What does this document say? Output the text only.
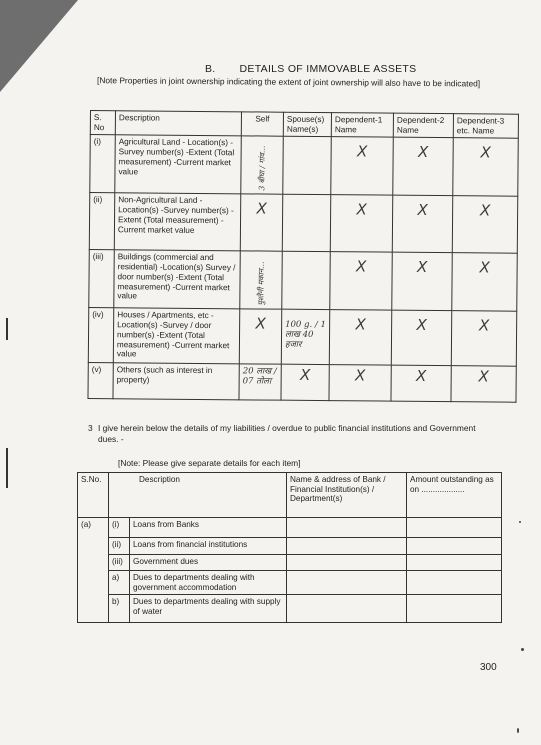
B. DETAILS OF IMMOVABLE ASSETS
[Note Properties in joint ownership indicating the extent of joint ownership will also have to be indicated]
S. No	Description	Self	Spouse(s) Name(s)	Dependent-1 Name	Dependent-2 Name	Dependent-3 etc. Name
(i)	Agricultural Land - Location(s) -Survey number(s) -Extent (Total measurement) -Current market value	3 बीघा / गांव…		X	X	X

(ii)	Non-Agricultural Land - Location(s) -Survey number(s) -Extent (Total measurement) -Current market value	X		X	X	X

(iii)	Buildings (commercial and residential) -Location(s) Survey / door number(s) -Extent (Total measurement) -Current market value	पुश्तैनी मकान…		X	X	X

(iv)	Houses / Apartments, etc -Location(s) -Survey / door number(s) -Extent (Total measurement) -Current market value	X	100 g. / 1 लाख 40 हजार	X	X	X

(v)	Others (such as interest in property)	20 लाख / 07 तोला	X	X	X	X
3 I give herein below the details of my liabilities / overdue to public financial institutions and Government dues. -
[Note: Please give separate details for each item]
S.No.	Description		Name & address of Bank / Financial Institution(s) / Department(s)	Amount outstanding as on ...................
(a)	(i)	Loans from Banks		
	(ii)	Loans from financial institutions		
	(iii)	Government dues		
	a)	Dues to departments dealing with government accommodation		
	b)	Dues to departments dealing with supply of water		
300
